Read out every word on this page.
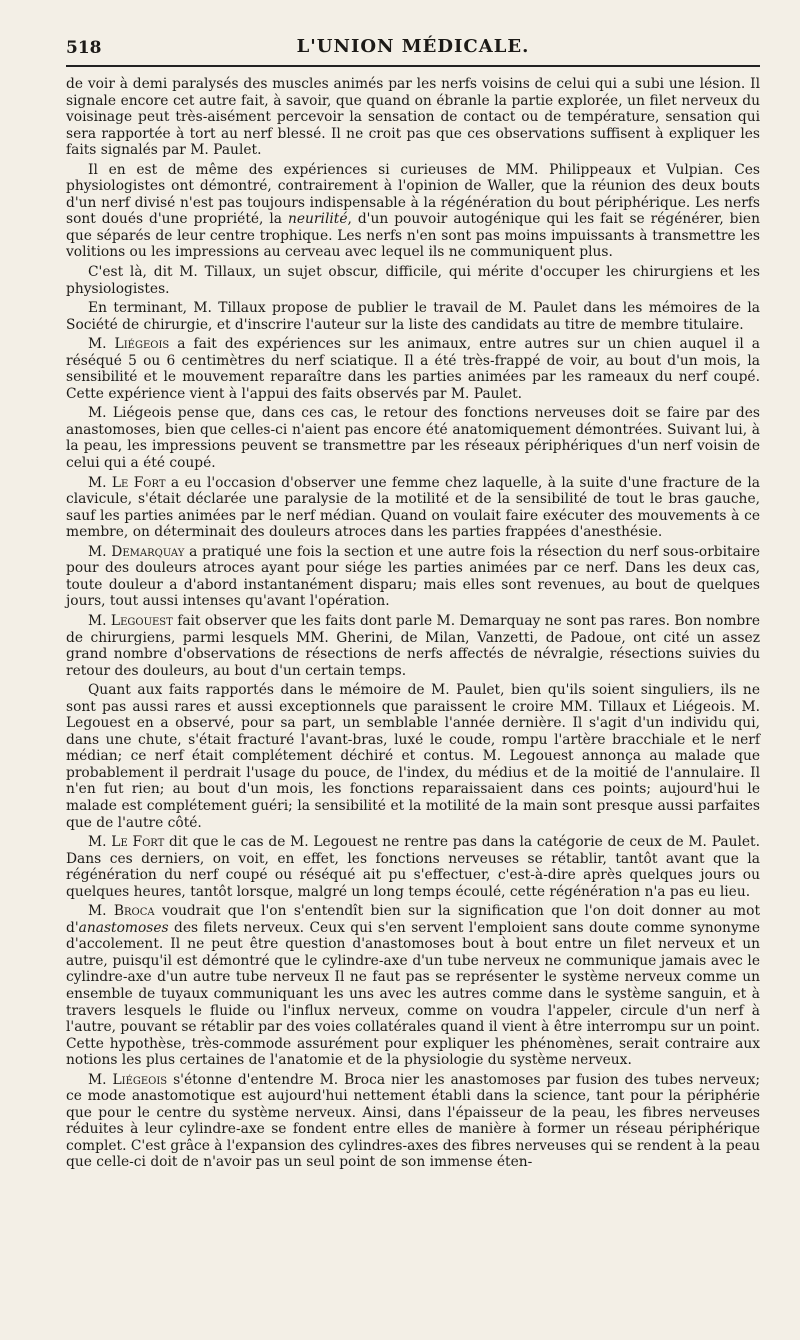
518	L'UNION MÉDICALE.

de voir à demi paralysés des muscles animés par les nerfs voisins de celui qui a subi une lésion. Il signale encore cet autre fait, à savoir, que quand on ébranle la partie explorée, un filet nerveux du voisinage peut très-aisément percevoir la sensation de contact ou de température, sensation qui sera rapportée à tort au nerf blessé. Il ne croit pas que ces observations suffisent à expliquer les faits signalés par M. Paulet.

Il en est de même des expériences si curieuses de MM. Philippeaux et Vulpian. Ces physiologistes ont démontré, contrairement à l'opinion de Waller, que la réunion des deux bouts d'un nerf divisé n'est pas toujours indispensable à la régénération du bout périphérique. Les nerfs sont doués d'une propriété, la neurilité, d'un pouvoir autogénique qui les fait se régénérer, bien que séparés de leur centre trophique. Les nerfs n'en sont pas moins impuissants à transmettre les volitions ou les impressions au cerveau avec lequel ils ne communiquent plus.

C'est là, dit M. Tillaux, un sujet obscur, difficile, qui mérite d'occuper les chirurgiens et les physiologistes.

En terminant, M. Tillaux propose de publier le travail de M. Paulet dans les mémoires de la Société de chirurgie, et d'inscrire l'auteur sur la liste des candidats au titre de membre titulaire.

M. Liégeois a fait des expériences sur les animaux, entre autres sur un chien auquel il a réséqué 5 ou 6 centimètres du nerf sciatique. Il a été très-frappé de voir, au bout d'un mois, la sensibilité et le mouvement reparaître dans les parties animées par les rameaux du nerf coupé. Cette expérience vient à l'appui des faits observés par M. Paulet.

M. Liégeois pense que, dans ces cas, le retour des fonctions nerveuses doit se faire par des anastomoses, bien que celles-ci n'aient pas encore été anatomiquement démontrées. Suivant lui, à la peau, les impressions peuvent se transmettre par les réseaux périphériques d'un nerf voisin de celui qui a été coupé.

M. Le Fort a eu l'occasion d'observer une femme chez laquelle, à la suite d'une fracture de la clavicule, s'était déclarée une paralysie de la motilité et de la sensibilité de tout le bras gauche, sauf les parties animées par le nerf médian. Quand on voulait faire exécuter des mouvements à ce membre, on déterminait des douleurs atroces dans les parties frappées d'anesthésie.

M. Demarquay a pratiqué une fois la section et une autre fois la résection du nerf sous-orbitaire pour des douleurs atroces ayant pour siége les parties animées par ce nerf. Dans les deux cas, toute douleur a d'abord instantanément disparu; mais elles sont revenues, au bout de quelques jours, tout aussi intenses qu'avant l'opération.

M. Legouest fait observer que les faits dont parle M. Demarquay ne sont pas rares. Bon nombre de chirurgiens, parmi lesquels MM. Gherini, de Milan, Vanzetti, de Padoue, ont cité un assez grand nombre d'observations de résections de nerfs affectés de névralgie, résections suivies du retour des douleurs, au bout d'un certain temps.

Quant aux faits rapportés dans le mémoire de M. Paulet, bien qu'ils soient singuliers, ils ne sont pas aussi rares et aussi exceptionnels que paraissent le croire MM. Tillaux et Liégeois. M. Legouest en a observé, pour sa part, un semblable l'année dernière. Il s'agit d'un individu qui, dans une chute, s'était fracturé l'avant-bras, luxé le coude, rompu l'artère bracchiale et le nerf médian; ce nerf était complétement déchiré et contus. M. Legouest annonça au malade que probablement il perdrait l'usage du pouce, de l'index, du médius et de la moitié de l'annulaire. Il n'en fut rien; au bout d'un mois, les fonctions reparaissaient dans ces points; aujourd'hui le malade est complétement guéri; la sensibilité et la motilité de la main sont presque aussi parfaites que de l'autre côté.

M. Le Fort dit que le cas de M. Legouest ne rentre pas dans la catégorie de ceux de M. Paulet. Dans ces derniers, on voit, en effet, les fonctions nerveuses se rétablir, tantôt avant que la régénération du nerf coupé ou réséqué ait pu s'effectuer, c'est-à-dire après quelques jours ou quelques heures, tantôt lorsque, malgré un long temps écoulé, cette régénération n'a pas eu lieu.

M. Broca voudrait que l'on s'entendît bien sur la signification que l'on doit donner au mot d'anastomoses des filets nerveux. Ceux qui s'en servent l'emploient sans doute comme synonyme d'accolement. Il ne peut être question d'anastomoses bout à bout entre un filet nerveux et un autre, puisqu'il est démontré que le cylindre-axe d'un tube nerveux ne communique jamais avec le cylindre-axe d'un autre tube nerveux Il ne faut pas se représenter le système nerveux comme un ensemble de tuyaux communiquant les uns avec les autres comme dans le système sanguin, et à travers lesquels le fluide ou l'influx nerveux, comme on voudra l'appeler, circule d'un nerf à l'autre, pouvant se rétablir par des voies collatérales quand il vient à être interrompu sur un point. Cette hypothèse, très-commode assurément pour expliquer les phénomènes, serait contraire aux notions les plus certaines de l'anatomie et de la physiologie du système nerveux.

M. Liégeois s'étonne d'entendre M. Broca nier les anastomoses par fusion des tubes nerveux; ce mode anastomotique est aujourd'hui nettement établi dans la science, tant pour la périphérie que pour le centre du système nerveux. Ainsi, dans l'épaisseur de la peau, les fibres nerveuses réduites à leur cylindre-axe se fondent entre elles de manière à former un réseau périphérique complet. C'est grâce à l'expansion des cylindres-axes des fibres nerveuses qui se rendent à la peau que celle-ci doit de n'avoir pas un seul point de son immense éten-
